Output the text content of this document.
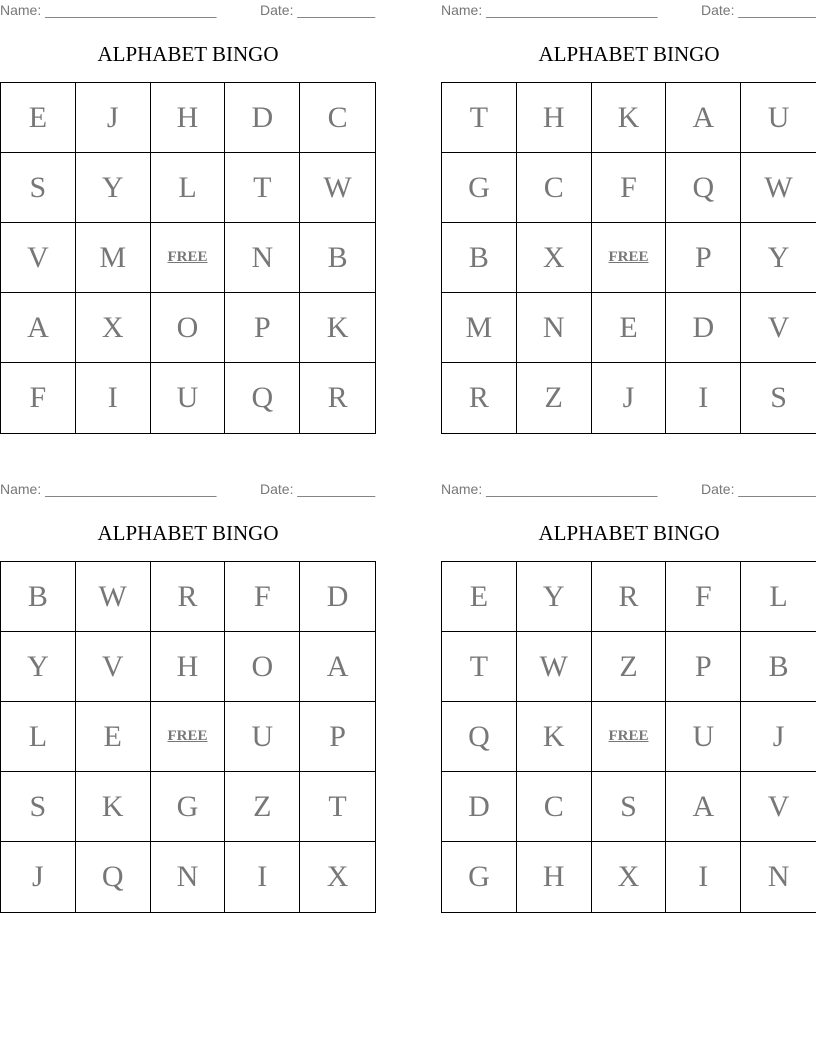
Name: ______________________	Date: __________
ALPHABET BINGO
E	J	H	D	C
S	Y	L	T	W
V	M	FREE	N	B
A	X	O	P	K
F	I	U	Q	R
Name: ______________________	Date: __________
ALPHABET BINGO
T	H	K	A	U
G	C	F	Q	W
B	X	FREE	P	Y
M	N	E	D	V
R	Z	J	I	S
Name: ______________________	Date: __________
ALPHABET BINGO
B	W	R	F	D
Y	V	H	O	A
L	E	FREE	U	P
S	K	G	Z	T
J	Q	N	I	X
Name: ______________________	Date: __________
ALPHABET BINGO
E	Y	R	F	L
T	W	Z	P	B
Q	K	FREE	U	J
D	C	S	A	V
G	H	X	I	N
